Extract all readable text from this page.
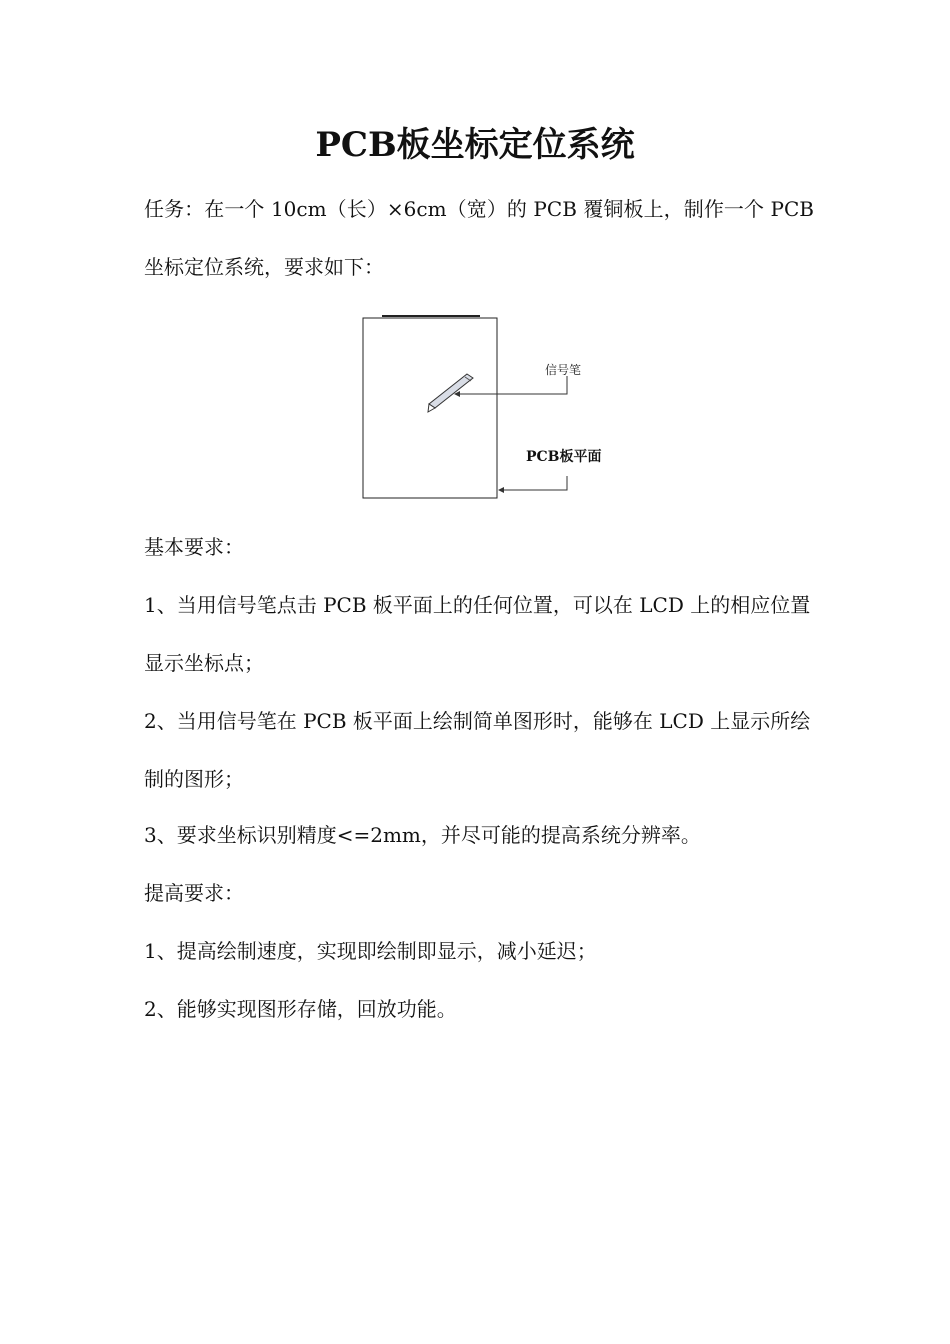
PCB板坐标定位系统

任务：在一个 10cm（长）×6cm（宽）的 PCB 覆铜板上，制作一个 PCB 坐标定位系统，要求如下：

信号笔
PCB板平面

基本要求：

1、当用信号笔点击 PCB 板平面上的任何位置，可以在 LCD 上的相应位置显示坐标点；

2、当用信号笔在 PCB 板平面上绘制简单图形时，能够在 LCD 上显示所绘制的图形；

3、要求坐标识别精度<=2mm，并尽可能的提高系统分辨率。

提高要求：

1、提高绘制速度，实现即绘制即显示，减小延迟；

2、能够实现图形存储，回放功能。
